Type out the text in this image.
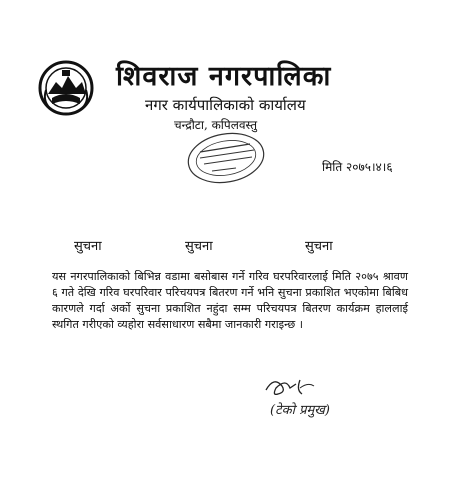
शिवराज नगरपालिका
नगर कार्यपालिकाको कार्यालय
चन्द्रौटा, कपिलवस्तु
मिति २०७५।४।६
सुचना	सुचना	सुचना
यस नगरपालिकाको बिभिन्न वडामा बसोबास गर्ने गरिव घरपरिवारलाई मिति २०७५ श्रावण ६ गते देखि गरिव घरपरिवार परिचयपत्र बितरण गर्ने भनि सुचना प्रकाशित भएकोमा बिबिध कारणले गर्दा अर्को सुचना प्रकाशित नहुंदा सम्म परिचयपत्र बितरण कार्यक्रम हाललाई स्थगित गरीएको व्यहोरा सर्वसाधारण सबैमा जानकारी गराइन्छ ।
(टेको प्रमुख)
